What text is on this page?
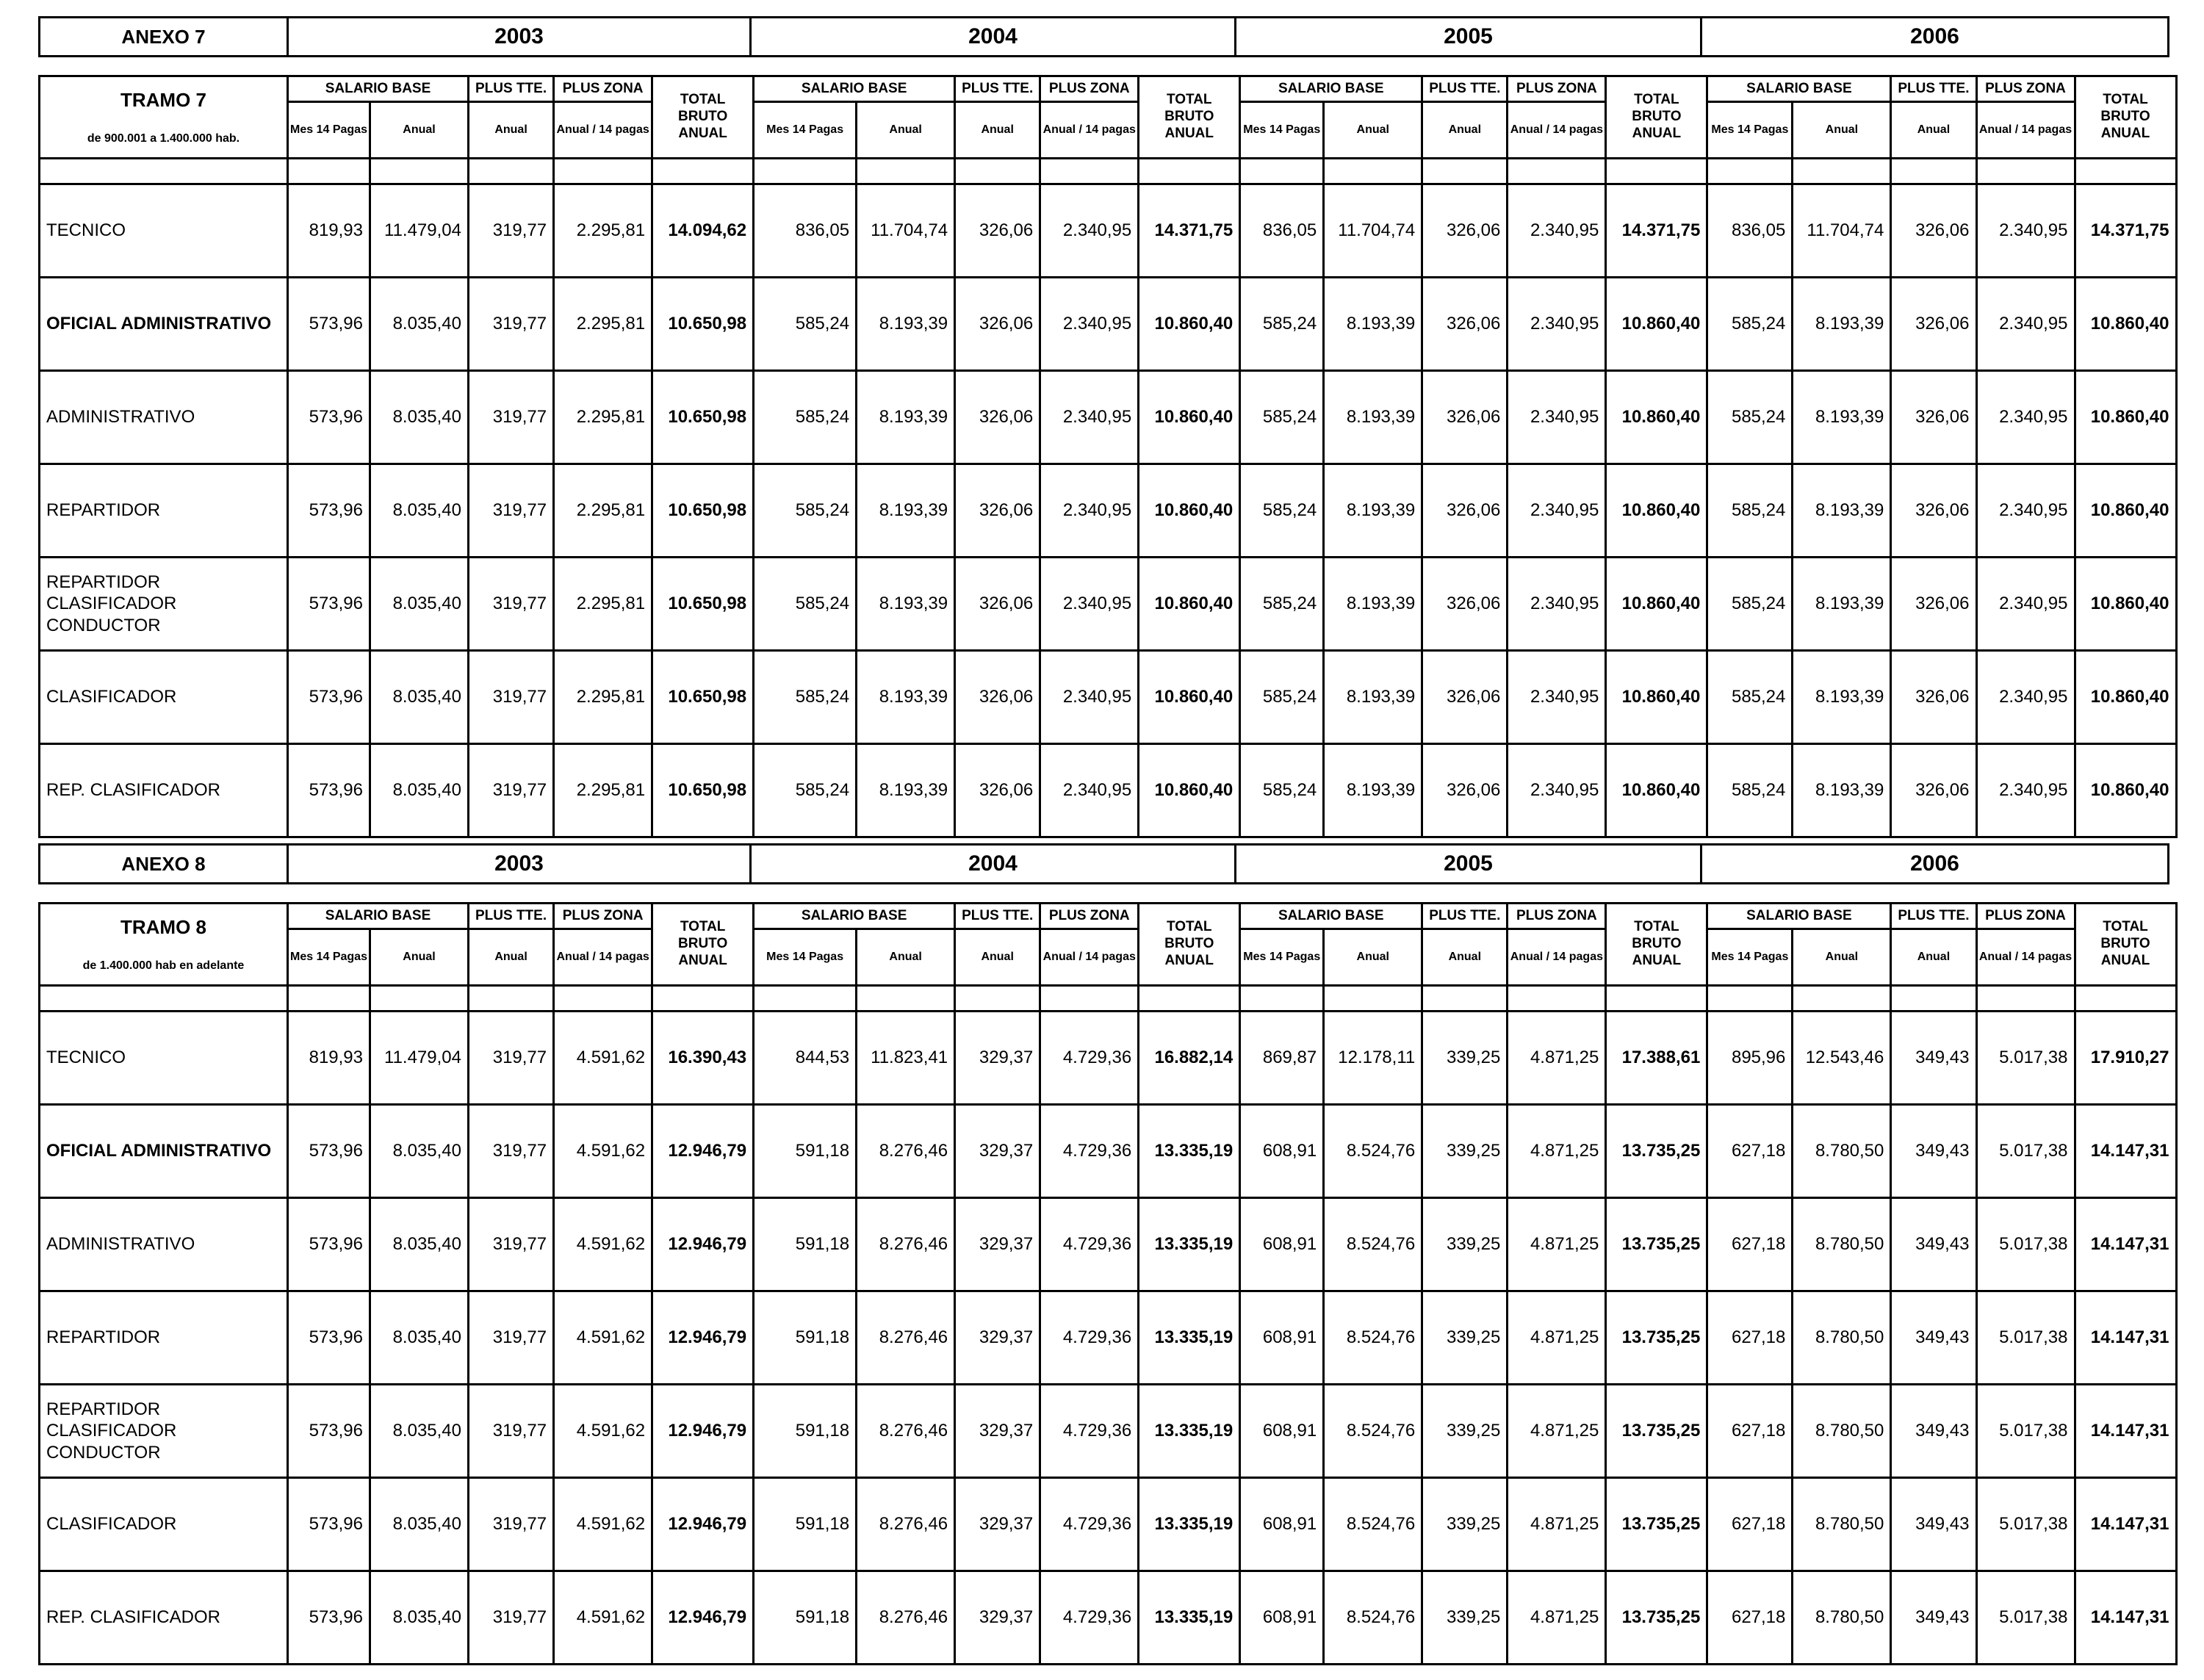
ANEXO 7	2003	2004	2005	2006
TRAMO 7
de 900.001 a 1.400.000 hab.	SALARIO BASE		PLUS TTE.	PLUS ZONA	TOTAL BRUTO ANUAL	SALARIO BASE		PLUS TTE.	PLUS ZONA	TOTAL BRUTO ANUAL	SALARIO BASE		PLUS TTE.	PLUS ZONA	TOTAL BRUTO ANUAL	SALARIO BASE		PLUS TTE.	PLUS ZONA	TOTAL BRUTO ANUAL
	Mes 14 Pagas	Anual	Anual	Anual / 14 pagas		Mes 14 Pagas	Anual	Anual	Anual / 14 pagas		Mes 14 Pagas	Anual	Anual	Anual / 14 pagas		Mes 14 Pagas	Anual	Anual	Anual / 14 pagas	

TECNICO	819,93	11.479,04	319,77	2.295,81	14.094,62	836,05	11.704,74	326,06	2.340,95	14.371,75	836,05	11.704,74	326,06	2.340,95	14.371,75	836,05	11.704,74	326,06	2.340,95	14.371,75
OFICIAL ADMINISTRATIVO	573,96	8.035,40	319,77	2.295,81	10.650,98	585,24	8.193,39	326,06	2.340,95	10.860,40	585,24	8.193,39	326,06	2.340,95	10.860,40	585,24	8.193,39	326,06	2.340,95	10.860,40
ADMINISTRATIVO	573,96	8.035,40	319,77	2.295,81	10.650,98	585,24	8.193,39	326,06	2.340,95	10.860,40	585,24	8.193,39	326,06	2.340,95	10.860,40	585,24	8.193,39	326,06	2.340,95	10.860,40
REPARTIDOR	573,96	8.035,40	319,77	2.295,81	10.650,98	585,24	8.193,39	326,06	2.340,95	10.860,40	585,24	8.193,39	326,06	2.340,95	10.860,40	585,24	8.193,39	326,06	2.340,95	10.860,40
REPARTIDOR CLASIFICADOR CONDUCTOR	573,96	8.035,40	319,77	2.295,81	10.650,98	585,24	8.193,39	326,06	2.340,95	10.860,40	585,24	8.193,39	326,06	2.340,95	10.860,40	585,24	8.193,39	326,06	2.340,95	10.860,40
CLASIFICADOR	573,96	8.035,40	319,77	2.295,81	10.650,98	585,24	8.193,39	326,06	2.340,95	10.860,40	585,24	8.193,39	326,06	2.340,95	10.860,40	585,24	8.193,39	326,06	2.340,95	10.860,40
REP. CLASIFICADOR	573,96	8.035,40	319,77	2.295,81	10.650,98	585,24	8.193,39	326,06	2.340,95	10.860,40	585,24	8.193,39	326,06	2.340,95	10.860,40	585,24	8.193,39	326,06	2.340,95	10.860,40
ANEXO 8	2003	2004	2005	2006
TRAMO 8
de 1.400.000 hab en adelante	SALARIO BASE		PLUS TTE.	PLUS ZONA	TOTAL BRUTO ANUAL	SALARIO BASE		PLUS TTE.	PLUS ZONA	TOTAL BRUTO ANUAL	SALARIO BASE		PLUS TTE.	PLUS ZONA	TOTAL BRUTO ANUAL	SALARIO BASE		PLUS TTE.	PLUS ZONA	TOTAL BRUTO ANUAL
	Mes 14 Pagas	Anual	Anual	Anual / 14 pagas		Mes 14 Pagas	Anual	Anual	Anual / 14 pagas		Mes 14 Pagas	Anual	Anual	Anual / 14 pagas		Mes 14 Pagas	Anual	Anual	Anual / 14 pagas	

TECNICO	819,93	11.479,04	319,77	4.591,62	16.390,43	844,53	11.823,41	329,37	4.729,36	16.882,14	869,87	12.178,11	339,25	4.871,25	17.388,61	895,96	12.543,46	349,43	5.017,38	17.910,27
OFICIAL ADMINISTRATIVO	573,96	8.035,40	319,77	4.591,62	12.946,79	591,18	8.276,46	329,37	4.729,36	13.335,19	608,91	8.524,76	339,25	4.871,25	13.735,25	627,18	8.780,50	349,43	5.017,38	14.147,31
ADMINISTRATIVO	573,96	8.035,40	319,77	4.591,62	12.946,79	591,18	8.276,46	329,37	4.729,36	13.335,19	608,91	8.524,76	339,25	4.871,25	13.735,25	627,18	8.780,50	349,43	5.017,38	14.147,31
REPARTIDOR	573,96	8.035,40	319,77	4.591,62	12.946,79	591,18	8.276,46	329,37	4.729,36	13.335,19	608,91	8.524,76	339,25	4.871,25	13.735,25	627,18	8.780,50	349,43	5.017,38	14.147,31
REPARTIDOR CLASIFICADOR CONDUCTOR	573,96	8.035,40	319,77	4.591,62	12.946,79	591,18	8.276,46	329,37	4.729,36	13.335,19	608,91	8.524,76	339,25	4.871,25	13.735,25	627,18	8.780,50	349,43	5.017,38	14.147,31
CLASIFICADOR	573,96	8.035,40	319,77	4.591,62	12.946,79	591,18	8.276,46	329,37	4.729,36	13.335,19	608,91	8.524,76	339,25	4.871,25	13.735,25	627,18	8.780,50	349,43	5.017,38	14.147,31
REP. CLASIFICADOR	573,96	8.035,40	319,77	4.591,62	12.946,79	591,18	8.276,46	329,37	4.729,36	13.335,19	608,91	8.524,76	339,25	4.871,25	13.735,25	627,18	8.780,50	349,43	5.017,38	14.147,31
